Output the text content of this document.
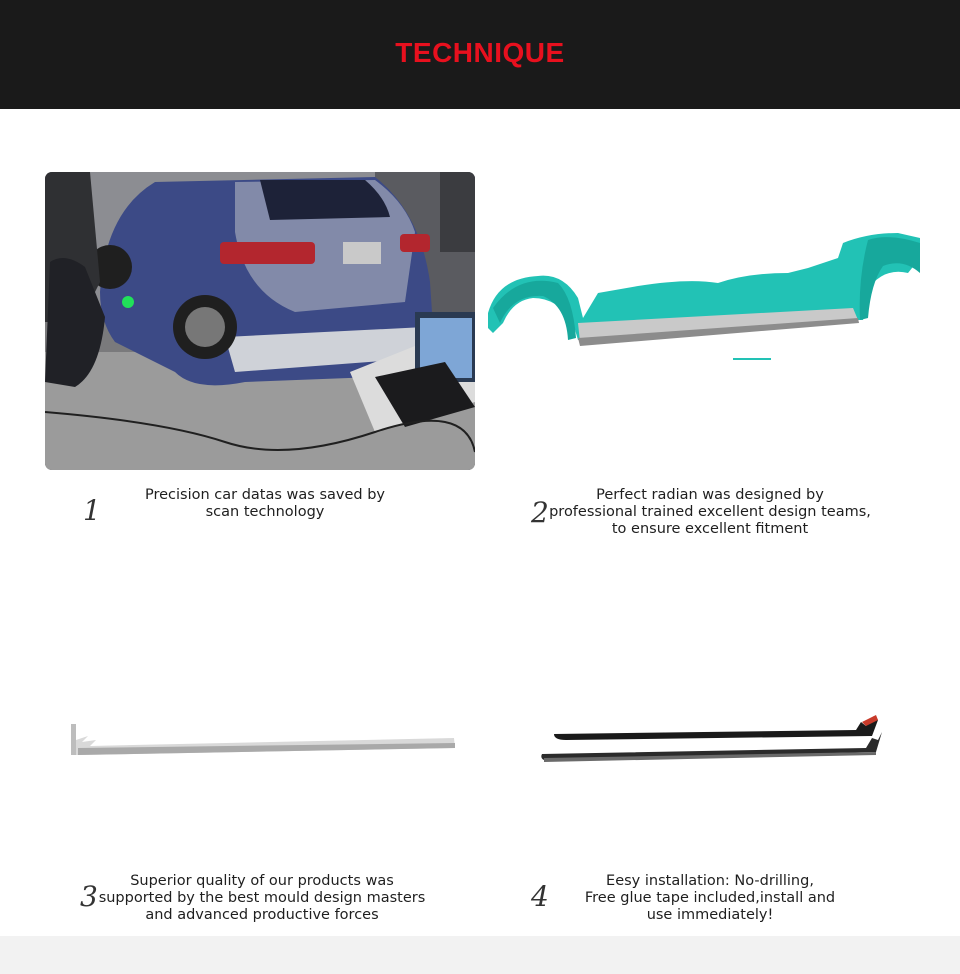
TECHNIQUE
1	Precision car datas was saved by
scan technology	2
Perfect radian was designed by
professional trained excellent design teams,
to ensure excellent fitment
3	Superior quality of our products was
supported by the best mould design masters
and advanced productive forces
4	Eesy installation: No-drilling,
Free glue tape included,install and
use immediately!
